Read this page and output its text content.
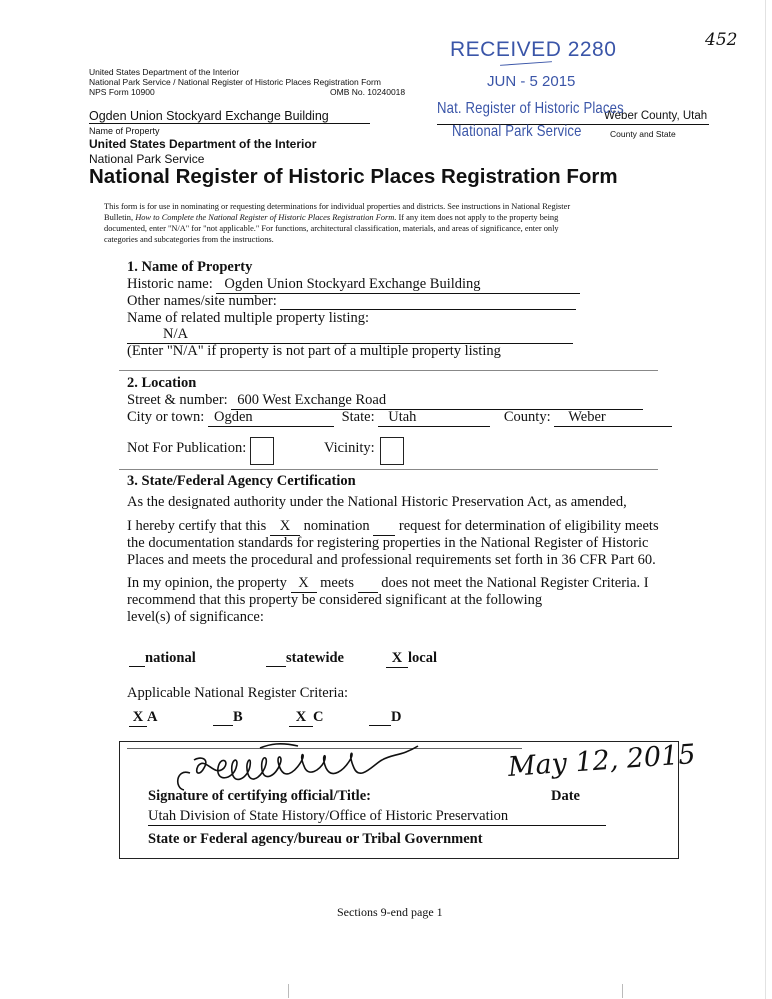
452
United States Department of the Interior
National Park Service / National Register of Historic Places Registration Form
NPS Form 10900	OMB No. 10240018
Ogden Union Stockyard Exchange Building
Name of Property
United States Department of the Interior
National Park Service
Weber County, Utah
County and State
RECEIVED 2280
JUN - 5 2015
Nat. Register of Historic Places
National Park Service
National Register of Historic Places Registration Form
This form is for use in nominating or requesting determinations for individual properties and districts. See instructions in National Register
Bulletin, How to Complete the National Register of Historic Places Registration Form. If any item does not apply to the property being
documented, enter "N/A" for "not applicable." For functions, architectural classification, materials, and areas of significance, enter only
categories and subcategories from the instructions.
1. Name of Property
Historic name: Ogden Union Stockyard Exchange Building
Other names/site number:
Name of related multiple property listing:
N/A
(Enter "N/A" if property is not part of a multiple property listing
2. Location
Street & number: 600 West Exchange Road
City or town: Ogden	State: Utah	County: Weber
Not For Publication:	Vicinity:
3. State/Federal Agency Certification
As the designated authority under the National Historic Preservation Act, as amended,
I hereby certify that this X nomination  request for determination of eligibility meets
the documentation standards for registering properties in the National Register of Historic
Places and meets the procedural and professional requirements set forth in 36 CFR Part 60.
In my opinion, the property X meets  does not meet the National Register Criteria. I
recommend that this property be considered significant at the following
level(s) of significance:
national	statewide	X local
Applicable National Register Criteria:
X A	B	X C	D
May 12, 2015
Signature of certifying official/Title:	Date
Utah Division of State History/Office of Historic Preservation
State or Federal agency/bureau or Tribal Government
Sections 9-end page 1
